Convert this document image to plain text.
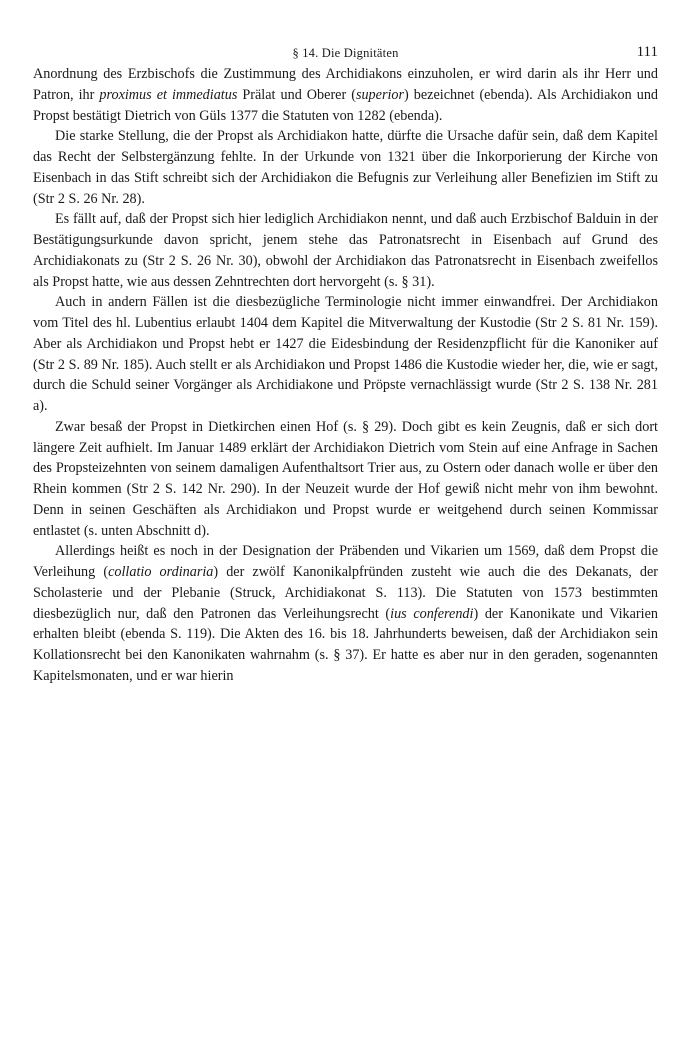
§ 14. Die Dignitäten	111

Anordnung des Erzbischofs die Zustimmung des Archidiakons einzuholen, er wird darin als ihr Herr und Patron, ihr proximus et immediatus Prälat und Oberer (superior) bezeichnet (ebenda). Als Archidiakon und Propst bestätigt Dietrich von Güls 1377 die Statuten von 1282 (ebenda).

Die starke Stellung, die der Propst als Archidiakon hatte, dürfte die Ursache dafür sein, daß dem Kapitel das Recht der Selbstergänzung fehlte. In der Urkunde von 1321 über die Inkorporierung der Kirche von Eisenbach in das Stift schreibt sich der Archidiakon die Befugnis zur Verleihung aller Benefizien im Stift zu (Str 2 S. 26 Nr. 28).

Es fällt auf, daß der Propst sich hier lediglich Archidiakon nennt, und daß auch Erzbischof Balduin in der Bestätigungsurkunde davon spricht, jenem stehe das Patronatsrecht in Eisenbach auf Grund des Archidiakonats zu (Str 2 S. 26 Nr. 30), obwohl der Archidiakon das Patronatsrecht in Eisenbach zweifellos als Propst hatte, wie aus dessen Zehntrechten dort hervorgeht (s. § 31).

Auch in andern Fällen ist die diesbezügliche Terminologie nicht immer einwandfrei. Der Archidiakon vom Titel des hl. Lubentius erlaubt 1404 dem Kapitel die Mitverwaltung der Kustodie (Str 2 S. 81 Nr. 159). Aber als Archidiakon und Propst hebt er 1427 die Eidesbindung der Residenzpflicht für die Kanoniker auf (Str 2 S. 89 Nr. 185). Auch stellt er als Archidiakon und Propst 1486 die Kustodie wieder her, die, wie er sagt, durch die Schuld seiner Vorgänger als Archidiakone und Pröpste vernachlässigt wurde (Str 2 S. 138 Nr. 281 a).

Zwar besaß der Propst in Dietkirchen einen Hof (s. § 29). Doch gibt es kein Zeugnis, daß er sich dort längere Zeit aufhielt. Im Januar 1489 erklärt der Archidiakon Dietrich vom Stein auf eine Anfrage in Sachen des Propsteizehnten von seinem damaligen Aufenthaltsort Trier aus, zu Ostern oder danach wolle er über den Rhein kommen (Str 2 S. 142 Nr. 290). In der Neuzeit wurde der Hof gewiß nicht mehr von ihm bewohnt. Denn in seinen Geschäften als Archidiakon und Propst wurde er weitgehend durch seinen Kommissar entlastet (s. unten Abschnitt d).

Allerdings heißt es noch in der Designation der Präbenden und Vikarien um 1569, daß dem Propst die Verleihung (collatio ordinaria) der zwölf Kanonikalpfründen zusteht wie auch die des Dekanats, der Scholasterie und der Plebanie (Struck, Archidiakonat S. 113). Die Statuten von 1573 bestimmten diesbezüglich nur, daß den Patronen das Verleihungsrecht (ius conferendi) der Kanonikate und Vikarien erhalten bleibt (ebenda S. 119). Die Akten des 16. bis 18. Jahrhunderts beweisen, daß der Archidiakon sein Kollationsrecht bei den Kanonikaten wahrnahm (s. § 37). Er hatte es aber nur in den geraden, sogenannten Kapitelsmonaten, und er war hierin
